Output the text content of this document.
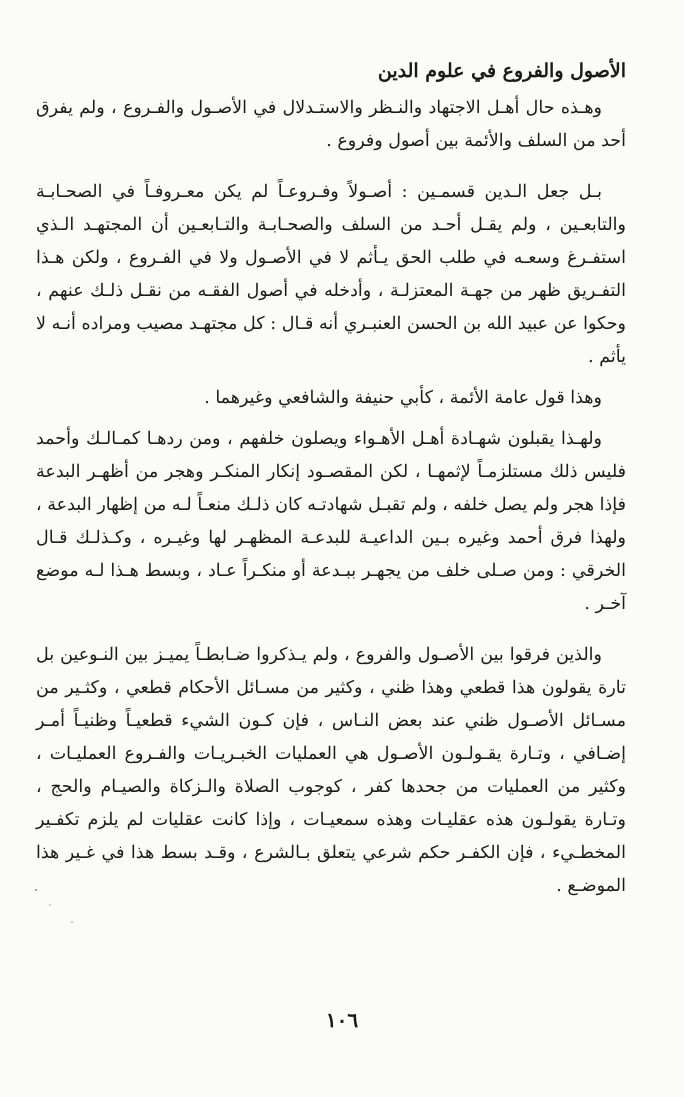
الأصول والفروع في علوم الدين

وهـذه حال أهـل الاجتهاد والنـظر والاستـدلال في الأصـول والفـروع ، ولم يفرق أحد من السلف والأئمة بين أصول وفروع .

بـل جعل الـدين قسمـين : أصـولاً وفـروعـاً لم يكن معـروفـاً في الصحـابـة والتابعـين ، ولم يقـل أحـد من السلف والصحـابـة والتـابعـين أن المجتهـد الـذي استفـرغ وسعـه في طلب الحق يـأثم لا في الأصـول ولا في الفـروع ، ولكن هـذا التفـريق ظهر من جهـة المعتزلـة ، وأدخله في أصول الفقـه من نقـل ذلـك عنهم ، وحكوا عن عبيد الله بن الحسن العنبـري أنه قـال : كل مجتهـد مصيب ومراده أنـه لا يأثم .

وهذا قول عامة الأئمة ، كأبي حنيفة والشافعي وغيرهما .

ولهـذا يقبلون شهـادة أهـل الأهـواء ويصلون خلفهم ، ومن ردهـا كمـالـك وأحمد فليس ذلك مستلزمـاً لإثمهـا ، لكن المقصـود إنكار المنكـر وهجر من أظهـر البدعة فإذا هجر ولم يصل خلفه ، ولم تقبـل شهادتـه كان ذلـك منعـاً لـه من إظهار البدعة ، ولهذا فرق أحمد وغيره بـين الداعيـة للبدعـة المظهـر لها وغيـره ، وكـذلـك قـال الخرقي : ومن صـلى خلف من يجهـر ببـدعة أو منكـراً عـاد ، وبسط هـذا لـه موضع آخـر .

والذين فرقوا بين الأصـول والفروع ، ولم يـذكروا ضـابطـاً يميـز بين النـوعين بل تارة يقولون هذا قطعي وهذا ظني ، وكثير من مسـائل الأحكام قطعي ، وكثـير من مسـائل الأصـول ظني عند بعض النـاس ، فإن كـون الشيء قطعيـاً وظنيـاً أمـر إضـافي ، وتـارة يقـولـون الأصـول هي العمليات الخبـريـات والفـروع العمليـات ، وكثير من العمليات من جحدها كفر ، كوجوب الصلاة والـزكاة والصيـام والحج ، وتـارة يقولـون هذه عقليـات وهذه سمعيـات ، وإذا كانت عقليات لم يلزم تكفـير المخطـيء ، فإن الكفـر حكم شرعي يتعلق بـالشرع ، وقـد بسط هذا في غـير هذا الموضـع .

١٠٦
